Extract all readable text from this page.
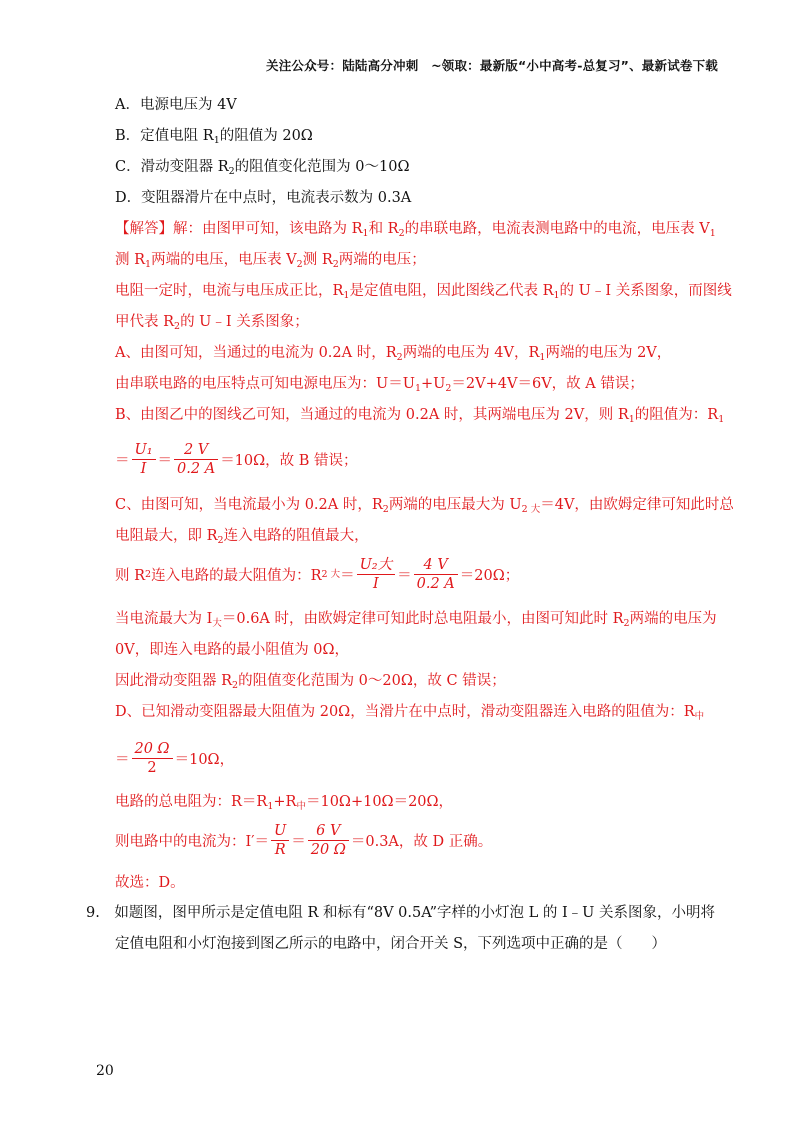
关注公众号：陆陆高分冲刺　~领取：最新版“小中高考-总复习”、最新试卷下载
A．电源电压为 4V
B．定值电阻 $R_1$的阻值为 20Ω
C．滑动变阻器 $R_2$的阻值变化范围为 0～10Ω
D．变阻器滑片在中点时，电流表示数为 0.3A
【解答】解：由图甲可知，该电路为 $R_1$和 $R_2$的串联电路，电流表测电路中的电流，电压表 $V_1$
测 $R_1$两端的电压，电压表 $V_2$测 $R_2$两端的电压；
电阻一定时，电流与电压成正比，$R_1$是定值电阻，因此图线乙代表 $R_1$的 U﹣I 关系图象，而图线
甲代表 $R_2$的 U﹣I 关系图象；
A、由图可知，当通过的电流为 0.2A 时，$R_2$两端的电压为 4V，$R_1$两端的电压为 2V，
由串联电路的电压特点可知电源电压为：$U=U_1+U_2=2V+4V=6V$，故 A 错误；
B、由图乙中的图线乙可知，当通过的电流为 0.2A 时，其两端电压为 2V，则 $R_1$的阻值为：$R_1$
＝ $\frac{\text{U₁}}{I} = \frac{2 V}{0.2 A} =10\Omega$，故 B 错误；
C、由图可知，当电流最小为 0.2A 时，$R_2$两端的电压最大为 $U_{2 大}=4V$，由欧姆定律可知此时总
电阻最大，即 $R_2$连入电路的阻值最大，
则 R 2 连入电路的最大阻值为：R 2 大 ＝ $\frac{\text{U₂大}}{I} = \frac{4 V}{0.2 A} =20\Omega$；
当电流最大为 $I_大=0.6A$ 时，由欧姆定律可知此时总电阻最小，由图可知此时 $R_2$两端的电压为
0V，即连入电路的最小阻值为 0Ω，
因此滑动变阻器 $R_2$的阻值变化范围为 0～20Ω，故 C 错误；
D、已知滑动变阻器最大阻值为 20Ω，当滑片在中点时，滑动变阻器连入电路的阻值为：$R_中$
＝ $\frac{20 \Omega}{2} =10\Omega$，
电路的总电阻为：$R=R_1+R_中=10\Omega+10\Omega=20\Omega$，
则电路中的电流为：$I'= \frac{U}{R} = \frac{6 V}{20 \Omega} =0.3A$，故 D 正确。
故选：D。
9.　如题图，图甲所示是定值电阻 R 和标有“8V 0.5A”字样的小灯泡 L 的 I﹣U 关系图象，小明将
定值电阻和小灯泡接到图乙所示的电路中，闭合开关 S，下列选项中正确的是（　　）
20
